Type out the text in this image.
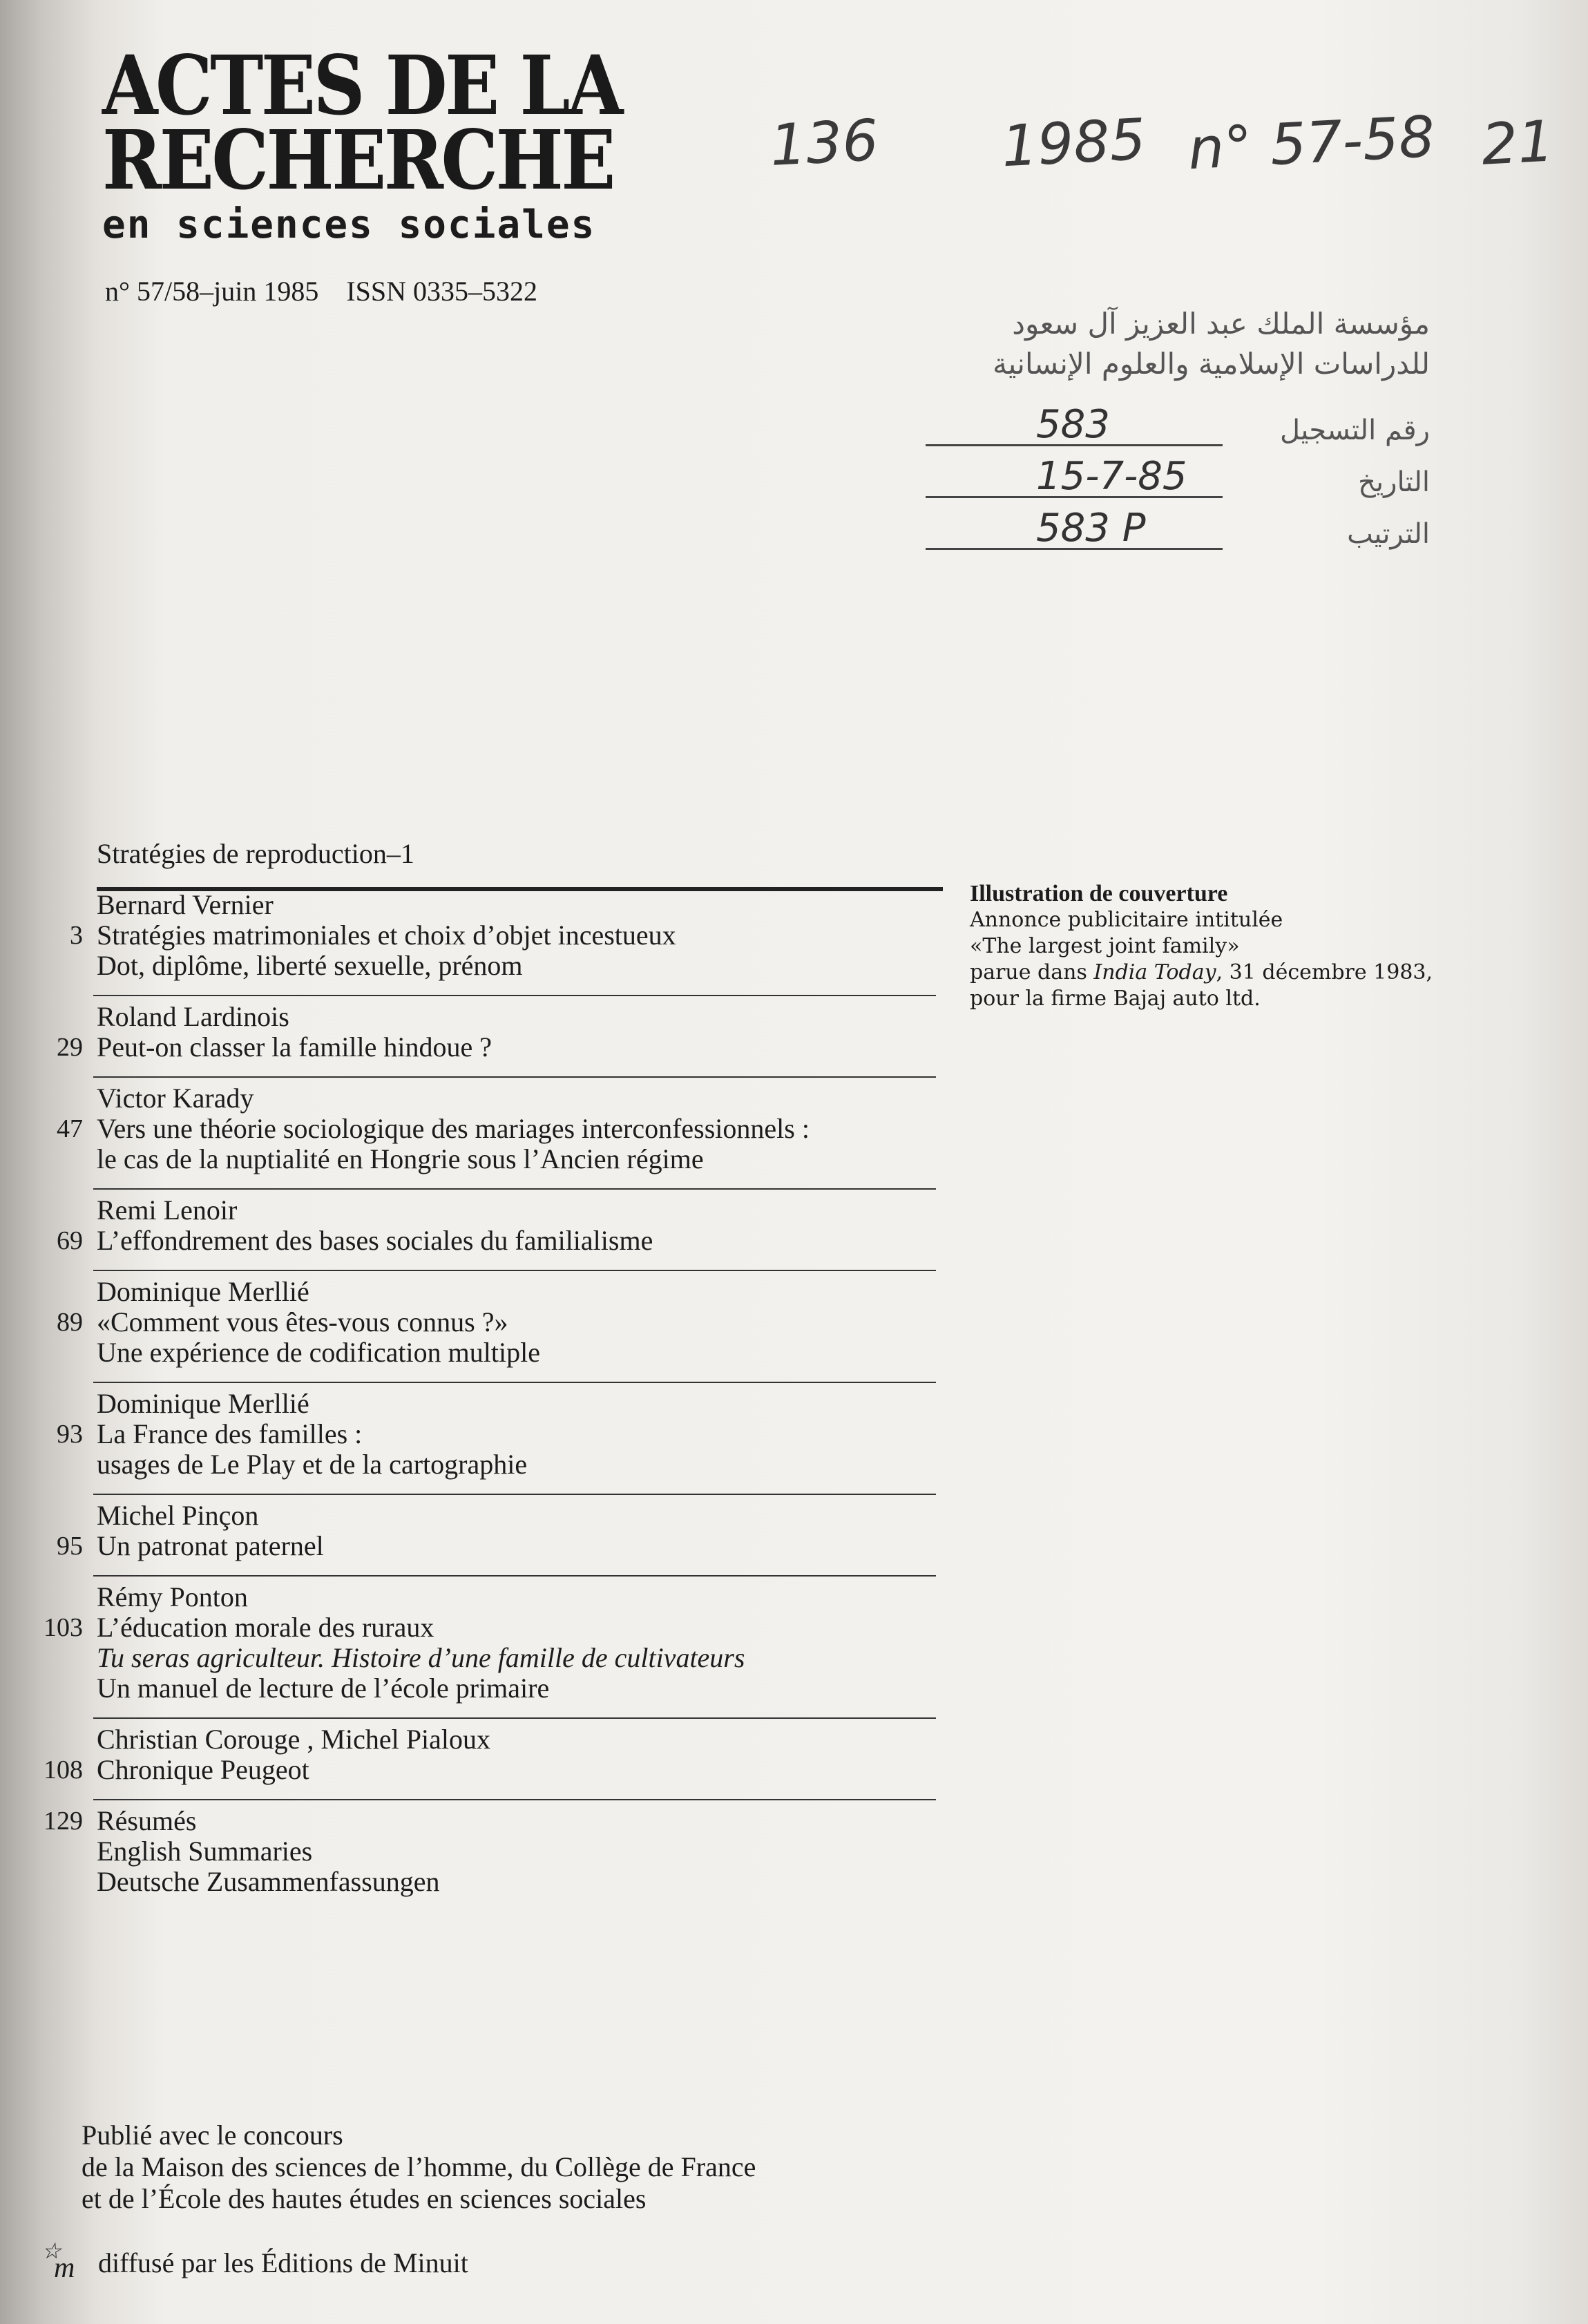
ACTES DE LA
RECHERCHE
en sciences sociales
n° 57/58–juin 1985 ISSN 0335–5322
136 1985 n° 57-58 21
مؤسسة الملك عبد العزيز آل سعود
للدراسات الإسلامية والعلوم الإنسانية
583	رقم التسجيل
15-7-85	التاريخ
583 P	الترتيب
Stratégies de reproduction–1
Bernard Vernier
3 Stratégies matrimoniales et choix d’objet incestueux
Dot, diplôme, liberté sexuelle, prénom
Roland Lardinois
29 Peut-on classer la famille hindoue ?
Victor Karady
47 Vers une théorie sociologique des mariages interconfessionnels :
le cas de la nuptialité en Hongrie sous l’Ancien régime
Remi Lenoir
69 L’effondrement des bases sociales du familialisme
Dominique Merllié
89 «Comment vous êtes-vous connus ?»
Une expérience de codification multiple
Dominique Merllié
93 La France des familles :
usages de Le Play et de la cartographie
Michel Pinçon
95 Un patronat paternel
Rémy Ponton
103 L’éducation morale des ruraux
Tu seras agriculteur. Histoire d’une famille de cultivateurs
Un manuel de lecture de l’école primaire
Christian Corouge , Michel Pialoux
108 Chronique Peugeot
129 Résumés
English Summaries
Deutsche Zusammenfassungen
Illustration de couverture
Annonce publicitaire intitulée
«The largest joint family»
parue dans India Today, 31 décembre 1983,
pour la firme Bajaj auto ltd.
Publié avec le concours
de la Maison des sciences de l’homme, du Collège de France
et de l’École des hautes études en sciences sociales
☆
m diffusé par les Éditions de Minuit
